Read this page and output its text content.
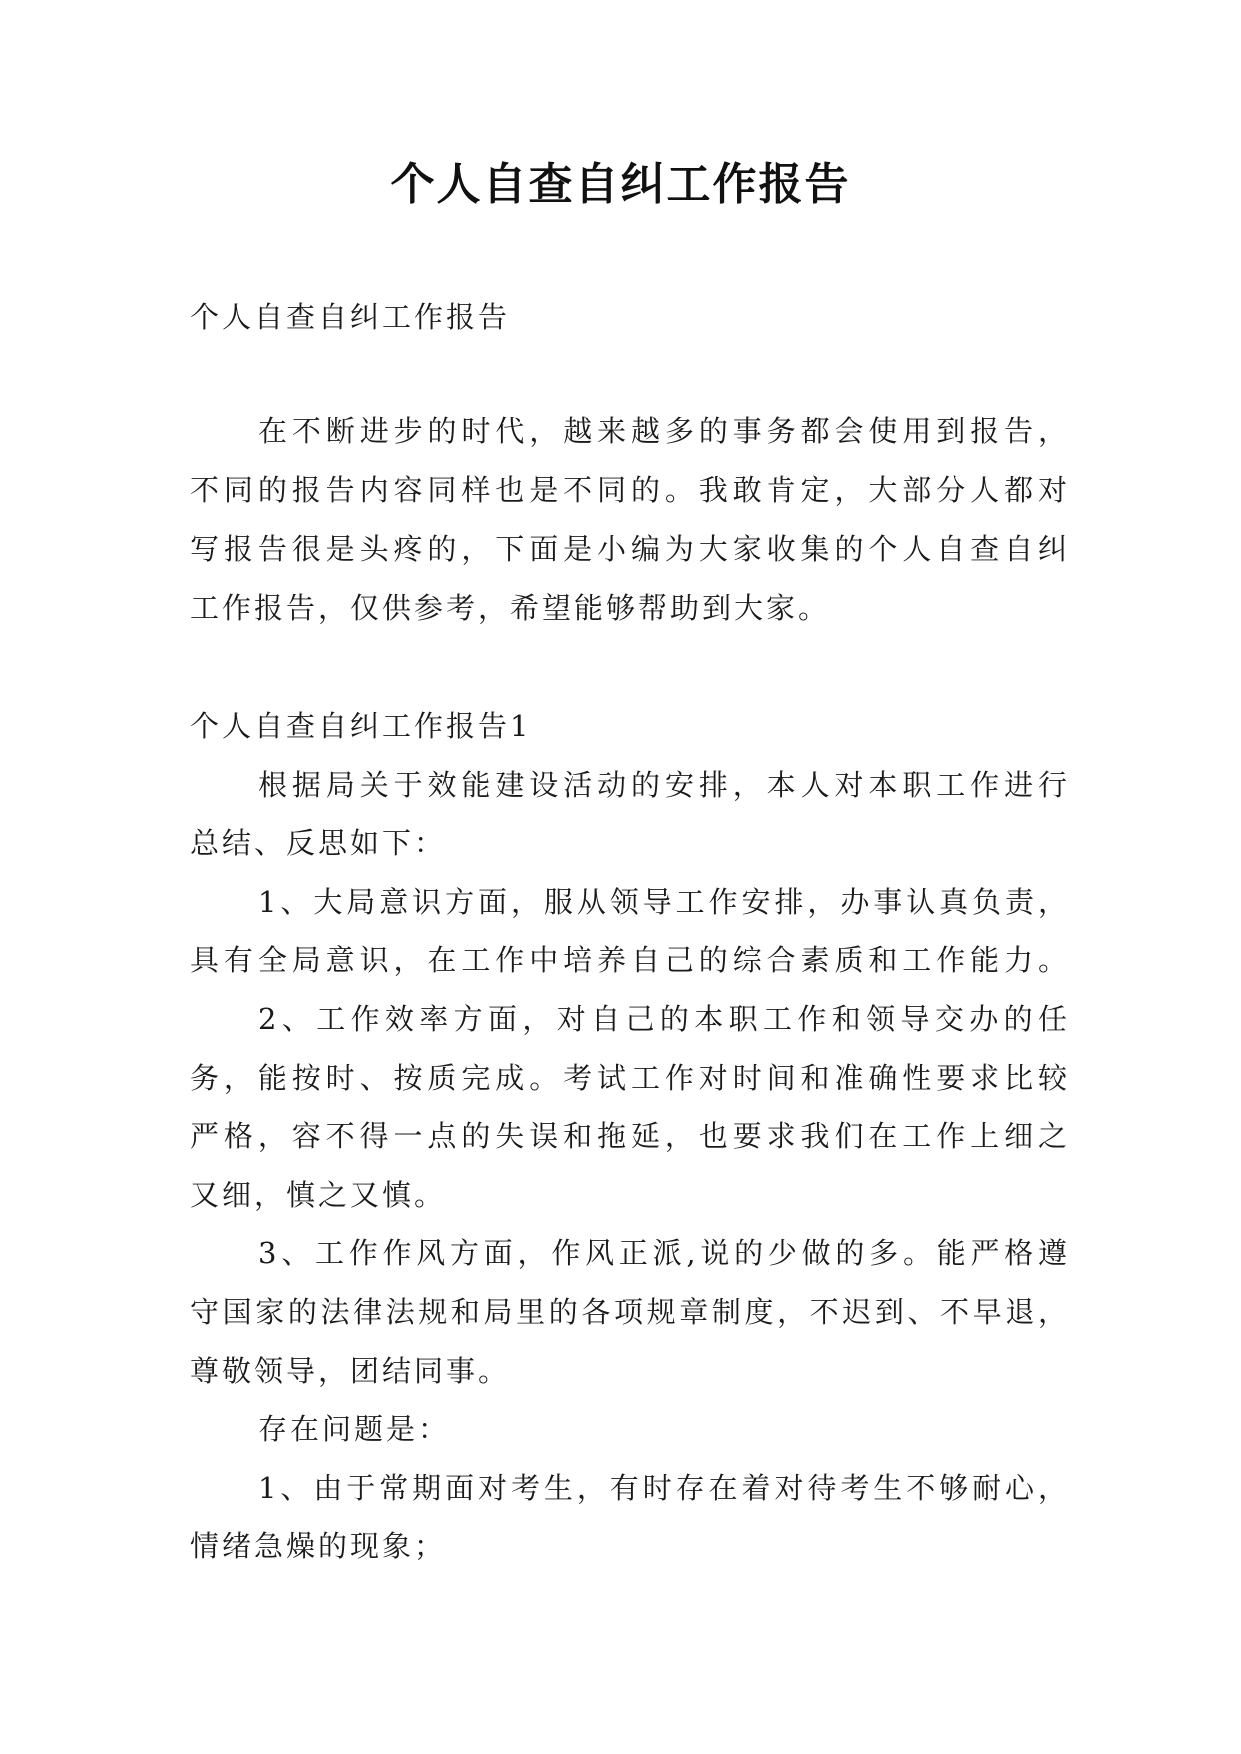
个人自查自纠工作报告
个人自查自纠工作报告
在不断进步的时代，越来越多的事务都会使用到报告，
不同的报告内容同样也是不同的。我敢肯定，大部分人都对
写报告很是头疼的，下面是小编为大家收集的个人自查自纠
工作报告，仅供参考，希望能够帮助到大家。
个人自查自纠工作报告1
根据局关于效能建设活动的安排，本人对本职工作进行
总结、反思如下：
1、大局意识方面，服从领导工作安排，办事认真负责，
具有全局意识，在工作中培养自己的综合素质和工作能力。
2、工作效率方面，对自己的本职工作和领导交办的任
务，能按时、按质完成。考试工作对时间和准确性要求比较
严格，容不得一点的失误和拖延，也要求我们在工作上细之
又细，慎之又慎。
3、工作作风方面，作风正派,说的少做的多。能严格遵
守国家的法律法规和局里的各项规章制度，不迟到、不早退，
尊敬领导，团结同事。
存在问题是：
1、由于常期面对考生，有时存在着对待考生不够耐心，
情绪急燥的现象；
